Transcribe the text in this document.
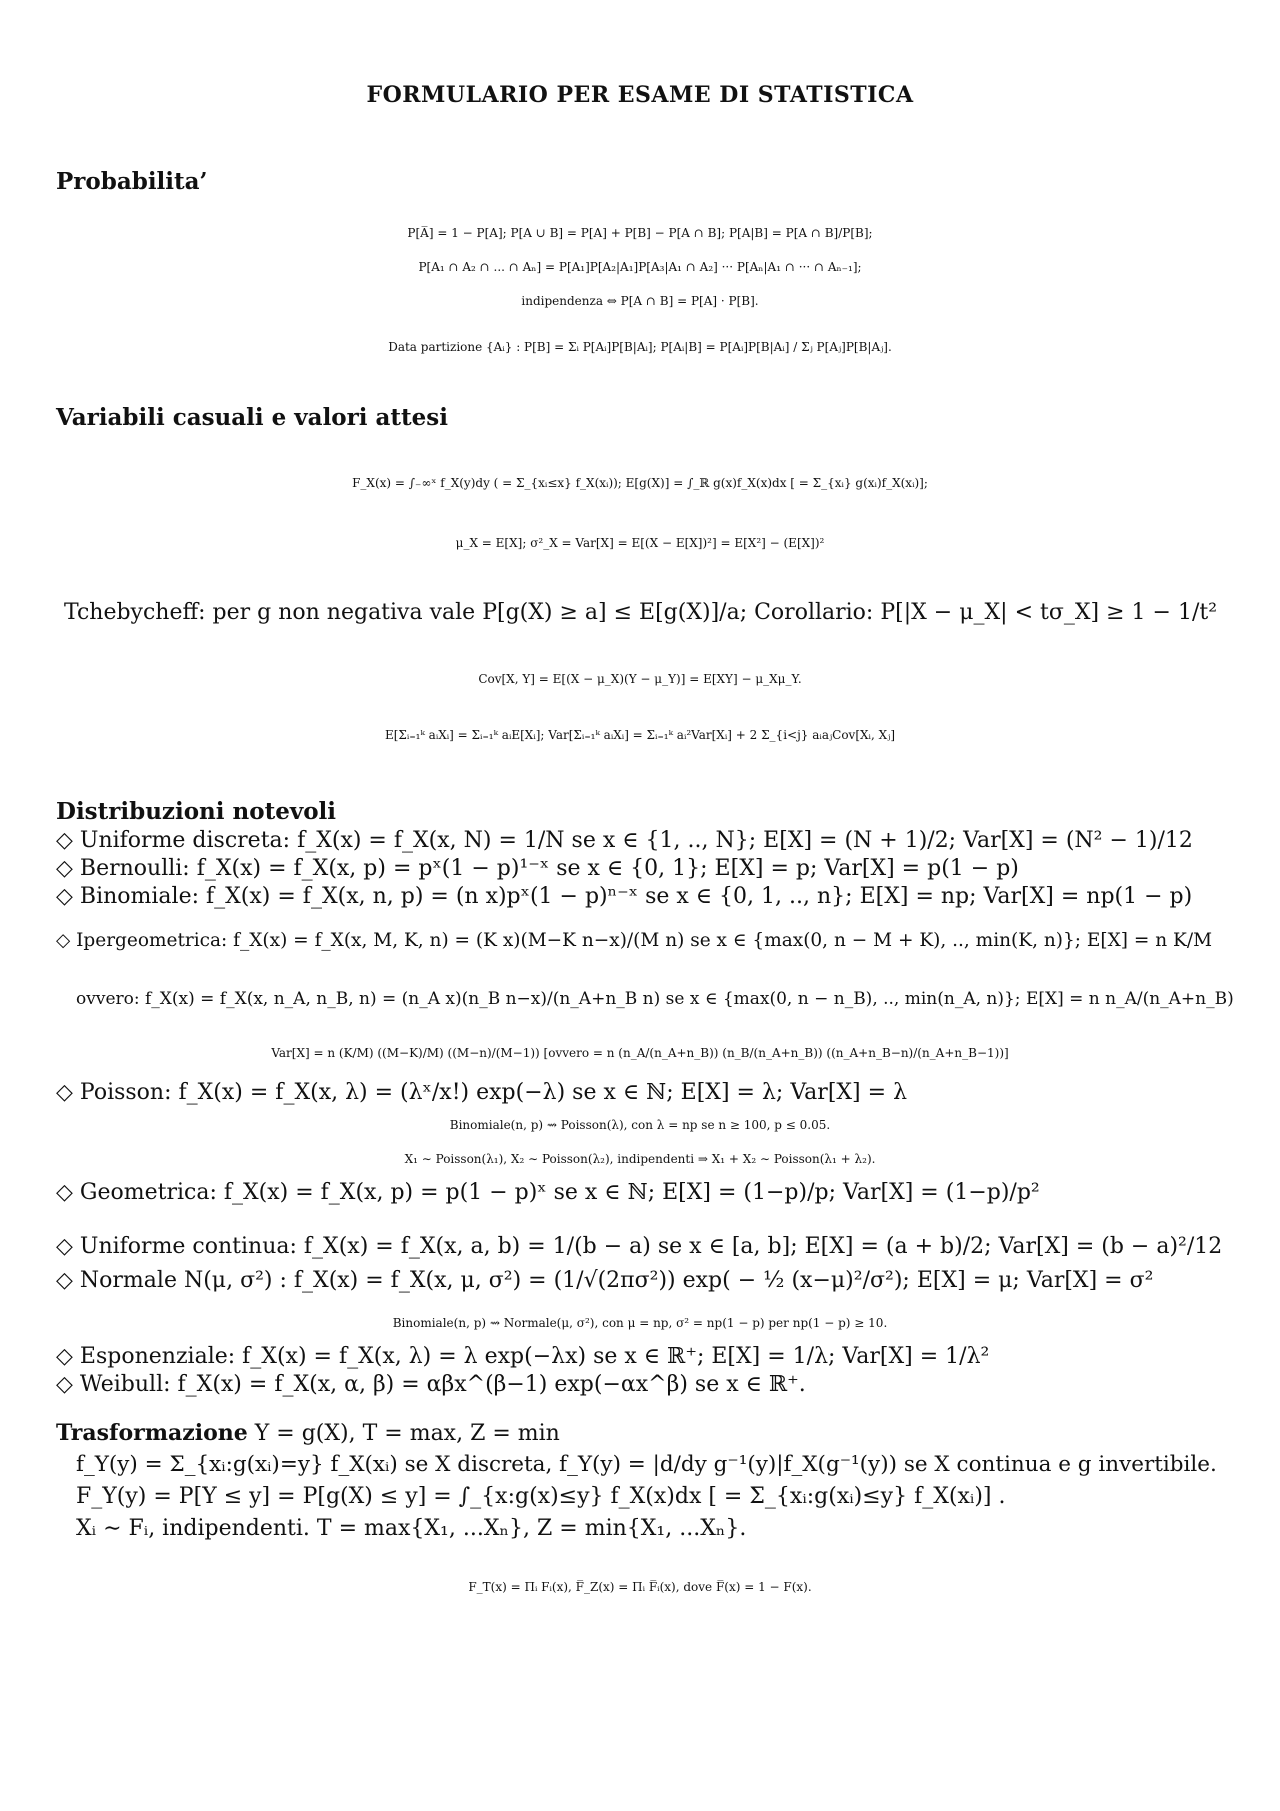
FORMULARIO PER ESAME DI STATISTICA
Probabilita’
P[A̅] = 1 − P[A]; P[A ∪ B] = P[A] + P[B] − P[A ∩ B]; P[A|B] = P[A ∩ B]/P[B];
P[A₁ ∩ A₂ ∩ ... ∩ Aₙ] = P[A₁]P[A₂|A₁]P[A₃|A₁ ∩ A₂] ··· P[Aₙ|A₁ ∩ ··· ∩ Aₙ₋₁];
indipendenza ⇔ P[A ∩ B] = P[A] · P[B].
Data partizione {Aᵢ} : P[B] = Σᵢ P[Aᵢ]P[B|Aᵢ]; P[Aᵢ|B] = P[Aᵢ]P[B|Aᵢ] / Σⱼ P[Aⱼ]P[B|Aⱼ].
Variabili casuali e valori attesi
F_X(x) = ∫₋∞ˣ f_X(y)dy ( = Σ_{xᵢ≤x} f_X(xᵢ)); E[g(X)] = ∫_ℝ g(x)f_X(x)dx [ = Σ_{xᵢ} g(xᵢ)f_X(xᵢ)];
μ_X = E[X]; σ²_X = Var[X] = E[(X − E[X])²] = E[X²] − (E[X])²
Tchebycheff: per g non negativa vale P[g(X) ≥ a] ≤ E[g(X)]/a; Corollario: P[|X − μ_X| < tσ_X] ≥ 1 − 1/t²
Cov[X, Y] = E[(X − μ_X)(Y − μ_Y)] = E[XY] − μ_Xμ_Y.
E[Σᵢ₌₁ᵏ aᵢXᵢ] = Σᵢ₌₁ᵏ aᵢE[Xᵢ]; Var[Σᵢ₌₁ᵏ aᵢXᵢ] = Σᵢ₌₁ᵏ aᵢ²Var[Xᵢ] + 2 Σ_{i<j} aᵢaⱼCov[Xᵢ, Xⱼ]
Distribuzioni notevoli
◇ Uniforme discreta: f_X(x) = f_X(x, N) = 1/N se x ∈ {1, .., N}; E[X] = (N + 1)/2; Var[X] = (N² − 1)/12
◇ Bernoulli: f_X(x) = f_X(x, p) = pˣ(1 − p)¹⁻ˣ se x ∈ {0, 1}; E[X] = p; Var[X] = p(1 − p)
◇ Binomiale: f_X(x) = f_X(x, n, p) = (n x)pˣ(1 − p)ⁿ⁻ˣ se x ∈ {0, 1, .., n}; E[X] = np; Var[X] = np(1 − p)
◇ Ipergeometrica: f_X(x) = f_X(x, M, K, n) = (K x)(M−K n−x)/(M n) se x ∈ {max(0, n − M + K), .., min(K, n)}; E[X] = n K/M
ovvero: f_X(x) = f_X(x, n_A, n_B, n) = (n_A x)(n_B n−x)/(n_A+n_B n) se x ∈ {max(0, n − n_B), .., min(n_A, n)}; E[X] = n n_A/(n_A+n_B)
Var[X] = n (K/M) ((M−K)/M) ((M−n)/(M−1)) [ovvero = n (n_A/(n_A+n_B)) (n_B/(n_A+n_B)) ((n_A+n_B−n)/(n_A+n_B−1))]
◇ Poisson: f_X(x) = f_X(x, λ) = (λˣ/x!) exp(−λ) se x ∈ ℕ; E[X] = λ; Var[X] = λ
Binomiale(n, p) ⇝ Poisson(λ), con λ = np se n ≥ 100, p ≤ 0.05.
X₁ ∼ Poisson(λ₁), X₂ ∼ Poisson(λ₂), indipendenti ⇒ X₁ + X₂ ∼ Poisson(λ₁ + λ₂).
◇ Geometrica: f_X(x) = f_X(x, p) = p(1 − p)ˣ se x ∈ ℕ; E[X] = (1−p)/p; Var[X] = (1−p)/p²
◇ Uniforme continua: f_X(x) = f_X(x, a, b) = 1/(b − a) se x ∈ [a, b]; E[X] = (a + b)/2; Var[X] = (b − a)²/12
◇ Normale N(μ, σ²) : f_X(x) = f_X(x, μ, σ²) = (1/√(2πσ²)) exp( − ½ (x−μ)²/σ²); E[X] = μ; Var[X] = σ²
Binomiale(n, p) ⇝ Normale(μ, σ²), con μ = np, σ² = np(1 − p) per np(1 − p) ≥ 10.
◇ Esponenziale: f_X(x) = f_X(x, λ) = λ exp(−λx) se x ∈ ℝ⁺; E[X] = 1/λ; Var[X] = 1/λ²
◇ Weibull: f_X(x) = f_X(x, α, β) = αβx^(β−1) exp(−αx^β) se x ∈ ℝ⁺.
Trasformazione Y = g(X), T = max, Z = min
f_Y(y) = Σ_{xᵢ:g(xᵢ)=y} f_X(xᵢ) se X discreta, f_Y(y) = |d/dy g⁻¹(y)|f_X(g⁻¹(y)) se X continua e g invertibile.
F_Y(y) = P[Y ≤ y] = P[g(X) ≤ y] = ∫_{x:g(x)≤y} f_X(x)dx [ = Σ_{xᵢ:g(xᵢ)≤y} f_X(xᵢ)] .
Xᵢ ∼ Fᵢ, indipendenti. T = max{X₁, ...Xₙ}, Z = min{X₁, ...Xₙ}.
F_T(x) = Πᵢ Fᵢ(x), F̅_Z(x) = Πᵢ F̅ᵢ(x), dove F̅(x) = 1 − F(x).
